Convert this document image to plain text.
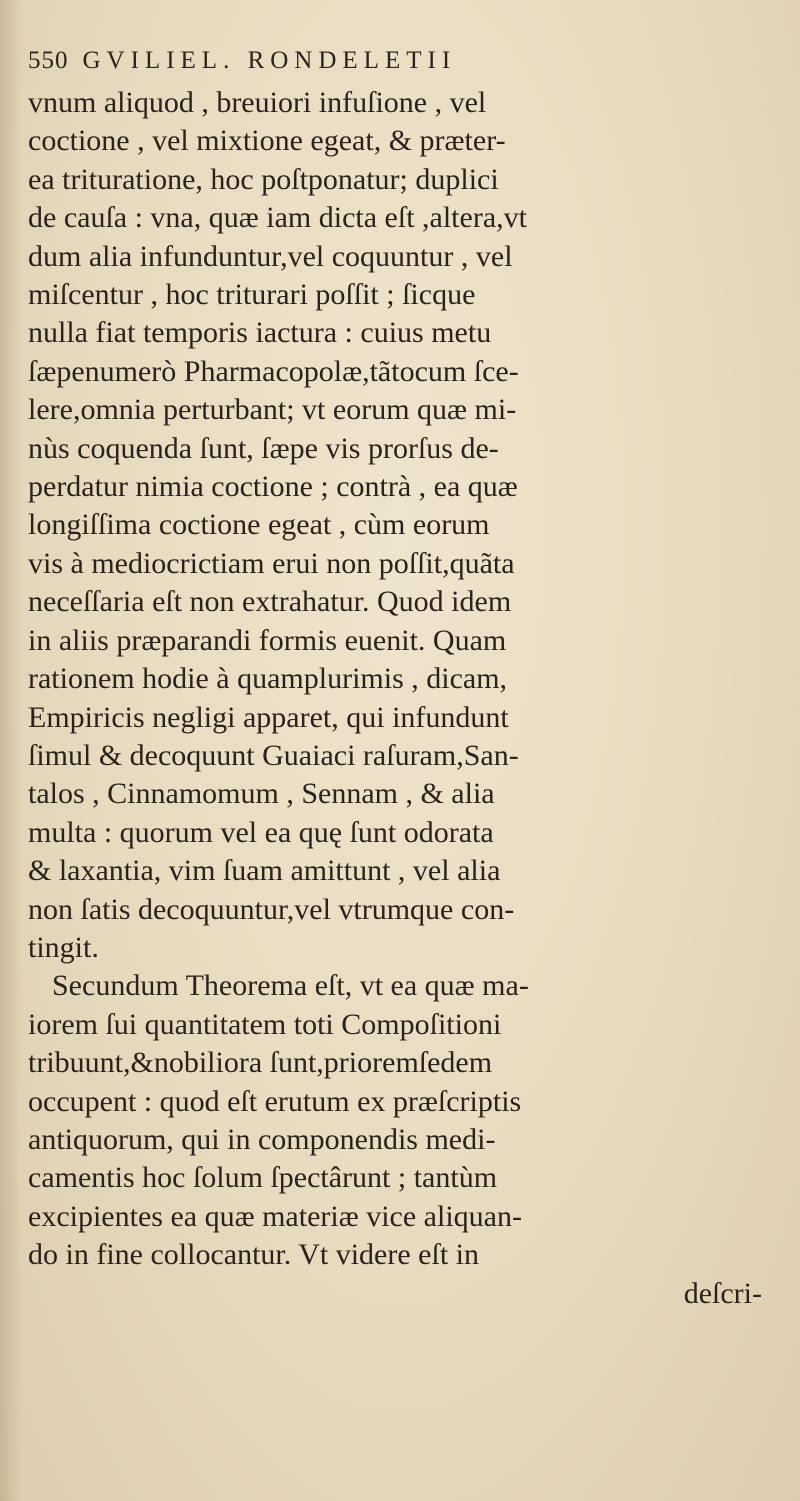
550 GVILIEL. RONDELETII

vnum aliquod , breuiori infuſione , vel

coctione , vel mixtione egeat, & præter-

ea trituratione, hoc poſtponatur; duplici

de cauſa : vna, quæ iam dicta eſt ,altera,vt

dum alia infunduntur,vel coquuntur , vel

miſcentur , hoc triturari poſſit ; ſicque

nulla fiat temporis iactura : cuius metu

ſæpenumerò Pharmacopolæ,tãtocum ſce-

lere,omnia perturbant; vt eorum quæ mi-

nùs coquenda ſunt, ſæpe vis prorſus de-

perdatur nimia coctione ; contrà , ea quæ

longiſſima coctione egeat , cùm eorum

vis à mediocrictiam erui non poſſit,quãta

neceſſaria eſt non extrahatur. Quod idem

in aliis præparandi formis euenit. Quam

rationem hodie à quamplurimis , dicam,

Empiricis negligi apparet, qui infundunt

ſimul & decoquunt Guaiaci raſuram,San-

talos , Cinnamomum , Sennam , & alia

multa : quorum vel ea quę ſunt odorata

& laxantia, vim ſuam amittunt , vel alia

non ſatis decoquuntur,vel vtrumque con-

tingit.

Secundum Theorema eſt, vt ea quæ ma-

iorem ſui quantitatem toti Compoſitioni

tribuunt,&nobiliora ſunt,prioremſedem

occupent : quod eſt erutum ex præſcriptis

antiquorum, qui in componendis medi-

camentis hoc ſolum ſpectârunt ; tantùm

excipientes ea quæ materiæ vice aliquan-

do in fine collocantur. Vt videre eſt in

deſcri-
